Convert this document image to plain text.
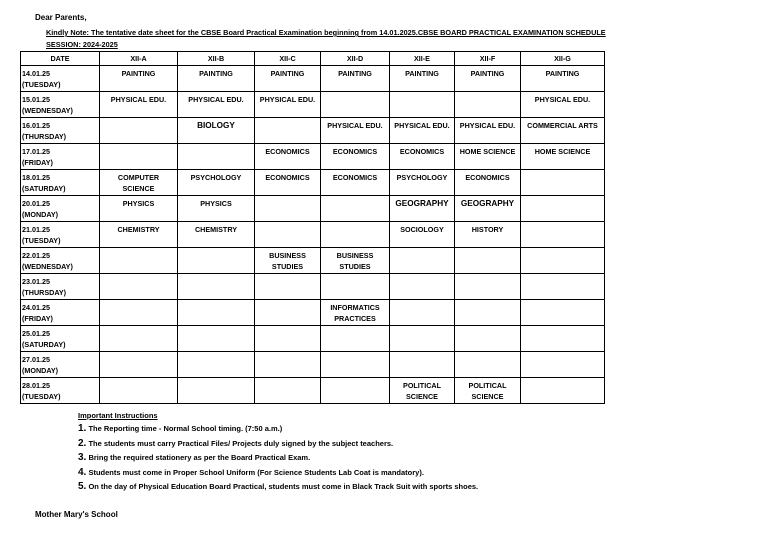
Dear Parents,
Kindly Note: The tentative date sheet for the CBSE Board Practical Examination beginning from 14.01.2025.CBSE BOARD PRACTICAL EXAMINATION SCHEDULE SESSION: 2024-2025
DATE	XII-A	XII-B	XII-C	XII-D	XII-E	XII-F	XII-G

14.01.25
(TUESDAY)	PAINTING	PAINTING	PAINTING	PAINTING	PAINTING	PAINTING	PAINTING

15.01.25
(WEDNESDAY)	PHYSICAL EDU.	PHYSICAL EDU.	PHYSICAL EDU.				PHYSICAL EDU.

16.01.25
(THURSDAY)		BIOLOGY		PHYSICAL EDU.	PHYSICAL EDU.	PHYSICAL EDU.	COMMERCIAL ARTS

17.01.25
(FRIDAY)			ECONOMICS	ECONOMICS	ECONOMICS	HOME SCIENCE	HOME SCIENCE

18.01.25
(SATURDAY)	COMPUTER SCIENCE	PSYCHOLOGY	ECONOMICS	ECONOMICS	PSYCHOLOGY	ECONOMICS	

20.01.25
(MONDAY)	PHYSICS	PHYSICS			GEOGRAPHY	GEOGRAPHY	

21.01.25
(TUESDAY)	CHEMISTRY	CHEMISTRY			SOCIOLOGY	HISTORY	

22.01.25
(WEDNESDAY)			BUSINESS STUDIES	BUSINESS STUDIES			

23.01.25
(THURSDAY)							

24.01.25
(FRIDAY)				INFORMATICS PRACTICES			

25.01.25
(SATURDAY)							

27.01.25
(MONDAY)							

28.01.25
(TUESDAY)					POLITICAL SCIENCE	POLITICAL SCIENCE	
Important Instructions
1. The Reporting time - Normal School timing. (7:50 a.m.)
2. The students must carry Practical Files/ Projects duly signed by the subject teachers.
3. Bring the required stationery as per the Board Practical Exam.
4. Students must come in Proper School Uniform (For Science Students Lab Coat is mandatory).
5. On the day of Physical Education Board Practical, students must come in Black Track Suit with sports shoes.
Mother Mary's School
